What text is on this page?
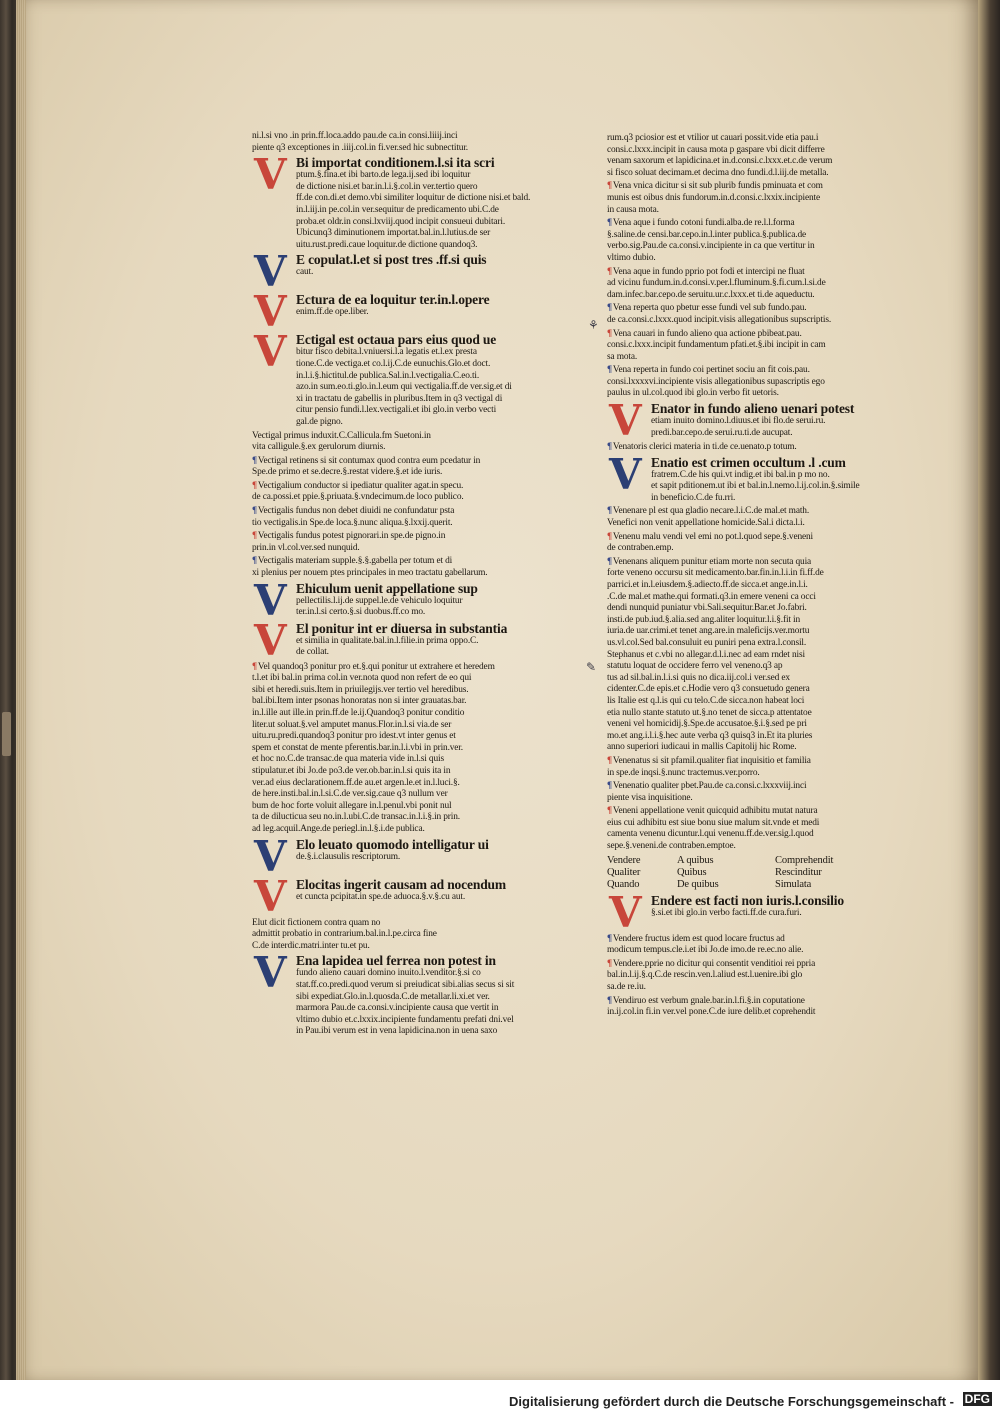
⚘
✎
ni.l.si vno .in prin.ff.loca.addo pau.de ca.in consi.liiij.inci
piente q3 exceptiones in .iiij.col.in fi.ver.sed hic subnectitur.
V Bi importat conditionem.l.si ita scri
ptum.§.fina.et ibi barto.de lega.ij.sed ibi loquitur
de dictione nisi.et bar.in.l.i.§.col.in ver.tertio quero
ff.de con.di.et demo.vbi similiter loquitur de dictione nisi.et bald.
in.l.iij.in pe.col.in ver.sequitur de predicamento ubi.C.de
proba.et oldr.in consi.lxviij.quod incipit consueui dubitari.
Ubicunq3 diminutionem importat.bal.in.l.lutius.de ser
uitu.rust.predi.caue loquitur.de dictione quandoq3.
V E copulat.l.et si post tres .ff.si quis
caut.
V Ectura de ea loquitur ter.in.l.opere
enim.ff.de ope.liber.
V Ectigal est octaua pars eius quod ue
bitur fisco debita.l.vniuersi.l.a legatis et.l.ex presta
tione.C.de vectiga.et co.l.ij.C.de eunuchis.Glo.et doct.
in.l.i.§.hictitul.de publica.Sal.in.l.vectigalia.C.eo.ti.
azo.in sum.eo.ti.glo.in.l.eum qui vectigalia.ff.de ver.sig.et di
xi in tractatu de gabellis in pluribus.Item in q3 vectigal di
citur pensio fundi.l.lex.vectigali.et ibi glo.in verbo vecti
gal.de pigno.
Vectigal primus induxit.C.Callicula.fm Suetoni.in
vita calligule.§.ex gerulorum diurnis.
¶Vectigal retinens si sit contumax quod contra eum pcedatur in
Spe.de primo et se.decre.§.restat videre.§.et ide iuris.
¶Vectigalium conductor si ipediatur qualiter agat.in specu.
de ca.possi.et ppie.§.priuata.§.vndecimum.de loco publico.
¶Vectigalis fundus non debet diuidi ne confundatur psta
tio vectigalis.in Spe.de loca.§.nunc aliqua.§.lxxij.querit.
¶Vectigalis fundus potest pignorari.in spe.de pigno.in
prin.in vl.col.ver.sed nunquid.
¶Vectigalis materiam supple.§.§.gabella per totum et di
xi plenius per nouem ptes principales in meo tractatu gabellarum.
V Ehiculum uenit appellatione sup
pellectilis.l.ij.de suppel.le.de vehiculo loquitur
ter.in.l.si certo.§.si duobus.ff.co mo.
V El ponitur int er diuersa in substantia
et similia in qualitate.bal.in.l.filie.in prima oppo.C.
de collat.
¶Vel quandoq3 ponitur pro et.§.qui ponitur ut extrahere et heredem
t.l.et ibi bal.in prima col.in ver.nota quod non refert de eo qui
sibi et heredi.suis.Item in priuilegijs.ver tertio vel heredibus.
bal.ibi.Item inter psonas honoratas non si inter grauatas.bar.
in.l.ille aut ille.in prin.ff.de le.ij.Quandoq3 ponitur conditio
liter.ut soluat.§.vel amputet manus.Flor.in.l.si via.de ser
uitu.ru.predi.quandoq3 ponitur pro idest.vt inter genus et
spem et constat de mente pferentis.bar.in.l.i.vbi in prin.ver.
et hoc no.C.de transac.de qua materia vide in.l.si quis
stipulatur.et ibi Jo.de po3.de ver.ob.bar.in.l.si quis ita in
ver.ad eius declarationem.ff.de au.et argen.le.et in.l.luci.§.
de here.insti.bal.in.l.si.C.de ver.sig.caue q3 nullum ver
bum de hoc forte voluit allegare in.l.penul.vbi ponit nul
ta de dilucticua seu no.in.l.ubi.C.de transac.in.l.i.§.in prin.
ad leg.acquil.Ange.de periegl.in.l.§.i.de publica.
V Elo leuato quomodo intelligatur ui
de.§.i.clausulis rescriptorum.
V Elocitas ingerit causam ad nocendum
et cuncta pcipitat.in spe.de aduoca.§.v.§.cu aut.
Elut dicit fictionem contra quam no
admittit probatio in contrarium.bal.in.l.pe.circa fine
C.de interdic.matri.inter tu.et pu.
V Ena lapidea uel ferrea non potest in
fundo alieno cauari domino inuito.l.venditor.§.si co
stat.ff.co.predi.quod verum si preiudicat sibi.alias secus si sit
sibi expediat.Glo.in.l.quosda.C.de metallar.li.xi.et ver.
marmora Pau.de ca.consi.v.incipiente causa que vertit in
vltimo dubio et.c.lxxix.incipiente fundamentu prefati dni.vel
in Pau.ibi verum est in vena lapidicina.non in uena saxo
rum.q3 pciosior est et vtilior ut cauari possit.vide etia pau.i
consi.c.lxxx.incipit in causa mota p gaspare vbi dicit differre
venam saxorum et lapidicina.et in.d.consi.c.lxxx.et.c.de verum
si fisco soluat decimam.et decima dno fundi.d.l.iij.de metalla.
¶Vena vnica dicitur si sit sub plurib fundis pminuata et com
munis est oibus dnis fundorum.in.d.consi.c.lxxix.incipiente
in causa mota.
¶Vena aque i fundo cotoni fundi.alba.de re.l.l.forma
§.saline.de censi.bar.cepo.in.l.inter publica.§.publica.de
verbo.sig.Pau.de ca.consi.v.incipiente in ca que vertitur in
vltimo dubio.
¶Vena aque in fundo pprio pot fodi et intercipi ne fluat
ad vicinu fundum.in.d.consi.v.per.l.fluminum.§.fi.cum.l.si.de
dam.infec.bar.cepo.de seruitu.ur.c.lxxx.et ti.de aqueductu.
¶Vena reperta quo pbetur esse fundi vel sub fundo.pau.
de ca.consi.c.lxxx.quod incipit.visis allegationibus supscriptis.
¶Vena cauari in fundo alieno qua actione pbibeat.pau.
consi.c.lxxx.incipit fundamentum pfati.et.§.ibi incipit in cam
sa mota.
¶Vena reperta in fundo coi pertinet sociu an fit cois.pau.
consi.lxxxxvi.incipiente visis allegationibus supascriptis ego
paulus in ul.col.quod ibi glo.in verbo fit uetoris.
V Enator in fundo alieno uenari potest
etiam inuito domino.l.diuus.et ibi flo.de serui.ru.
predi.bar.cepo.de serui.ru.ti.de aucupat.
¶Venatoris clerici materia in ti.de ce.uenato.p totum.
V Enatio est crimen occultum .l .cum
fratrem.C.de his qui.vt indig.et ibi bal.in p mo no.
et sapit pditionem.ut ibi et bal.in.l.nemo.l.ij.col.in.§.simile
in beneficio.C.de fu.rri.
¶Venenare pl est qua gladio necare.l.i.C.de mal.et math.
Venefici non venit appellatione homicide.Sal.i dicta.l.i.
¶Venenu malu vendi vel emi no pot.l.quod sepe.§.veneni
de contraben.emp.
¶Venenans aliquem punitur etiam morte non secuta quia
forte veneno occursu sit medicamento.bar.fin.in.l.i.in fi.ff.de
parrici.et in.l.eiusdem.§.adiecto.ff.de sicca.et ange.in.l.i.
.C.de mal.et mathe.qui formati.q3.in emere veneni ca occi
dendi nunquid puniatur vbi.Sali.sequitur.Bar.et Jo.fabri.
insti.de pub.iud.§.alia.sed ang.aliter loquitur.l.i.§.fit in
iuria.de uar.crimi.et tenet ang.are.in maleficijs.ver.mortu
us.vl.col.Sed bal.consuluit eu puniri pena extra.l.consil.
Stephanus et c.vbi no allegar.d.l.i.nec ad eam rndet nisi
statutu loquat de occidere ferro vel veneno.q3 ap
tus ad sil.bal.in.l.i.si quis no dica.iij.col.i ver.sed ex
cidenter.C.de epis.et c.Hodie vero q3 consuetudo genera
lis Italie est q.l.is qui cu telo.C.de sicca.non habeat loci
etia nullo stante statuto ut.§.no tenet de sicca.p attentatoe
veneni vel homicidij.§.Spe.de accusatoe.§.i.§.sed pe pri
mo.et ang.i.l.i.§.hec aute verba q3 quisq3 in.Et ita pluries
anno superiori iudicaui in mallis Capitolij hic Rome.
¶Venenatus si sit pfamil.qualiter fiat inquisitio et familia
in spe.de inqsi.§.nunc tractemus.ver.porro.
¶Venenatio qualiter pbet.Pau.de ca.consi.c.lxxxviij.inci
piente visa inquisitione.
¶Veneni appellatione venit quicquid adhibitu mutat natura
eius cui adhibitu est siue bonu siue malum sit.vnde et medi
camenta venenu dicuntur.l.qui venenu.ff.de.ver.sig.l.quod
sepe.§.veneni.de contraben.emptoe.
Vendere	A quibus	Comprehendit
Qualiter	Quibus	Rescinditur
Quando	De quibus	Simulata
V Endere est facti non iuris.l.consilio
§.si.et ibi glo.in verbo facti.ff.de cura.furi.
¶Vendere fructus idem est quod locare fructus ad
modicum tempus.cle.i.et ibi Jo.de imo.de re.ec.no alie.
¶Vendere.pprie no dicitur qui consentit venditioi rei ppria
bal.in.l.ij.§.q.C.de rescin.ven.l.aliud est.l.uenire.ibi glo
sa.de re.iu.
¶Vendiruo est verbum gnale.bar.in.l.fi.§.in coputatione
in.ij.col.in fi.in ver.vel pone.C.de iure delib.et coprehendit
Digitalisierung gefördert durch die Deutsche Forschungsgemeinschaft - DFG
